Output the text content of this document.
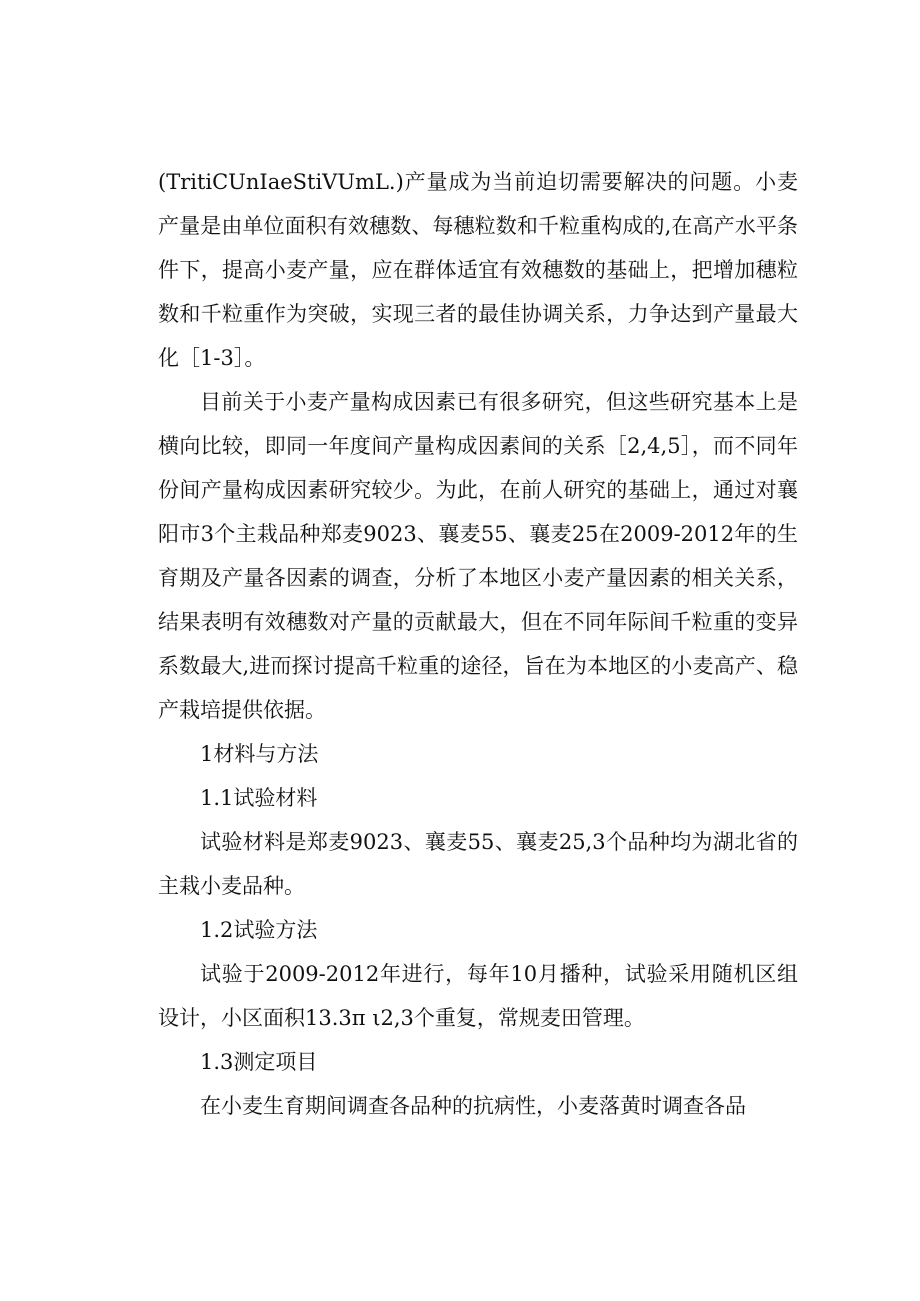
(TritiCUnIaeStiVUmL.)产量成为当前迫切需要解决的问题。小麦产量是由单位面积有效穗数、每穗粒数和千粒重构成的,在高产水平条件下，提高小麦产量，应在群体适宜有效穗数的基础上，把增加穗粒数和千粒重作为突破，实现三者的最佳协调关系，力争达到产量最大化［1-3］。

目前关于小麦产量构成因素已有很多研究，但这些研究基本上是横向比较，即同一年度间产量构成因素间的关系［2,4,5］，而不同年份间产量构成因素研究较少。为此，在前人研究的基础上，通过对襄阳市3个主栽品种郑麦9023、襄麦55、襄麦25在2009-2012年的生育期及产量各因素的调查，分析了本地区小麦产量因素的相关关系，结果表明有效穗数对产量的贡献最大，但在不同年际间千粒重的变异系数最大,进而探讨提高千粒重的途径，旨在为本地区的小麦高产、稳产栽培提供依据。

1材料与方法

1.1试验材料

试验材料是郑麦9023、襄麦55、襄麦25,3个品种均为湖北省的主栽小麦品种。

1.2试验方法

试验于2009-2012年进行，每年10月播种，试验采用随机区组设计，小区面积13.3π ι2,3个重复，常规麦田管理。

1.3测定项目

在小麦生育期间调查各品种的抗病性，小麦落黄时调查各品
